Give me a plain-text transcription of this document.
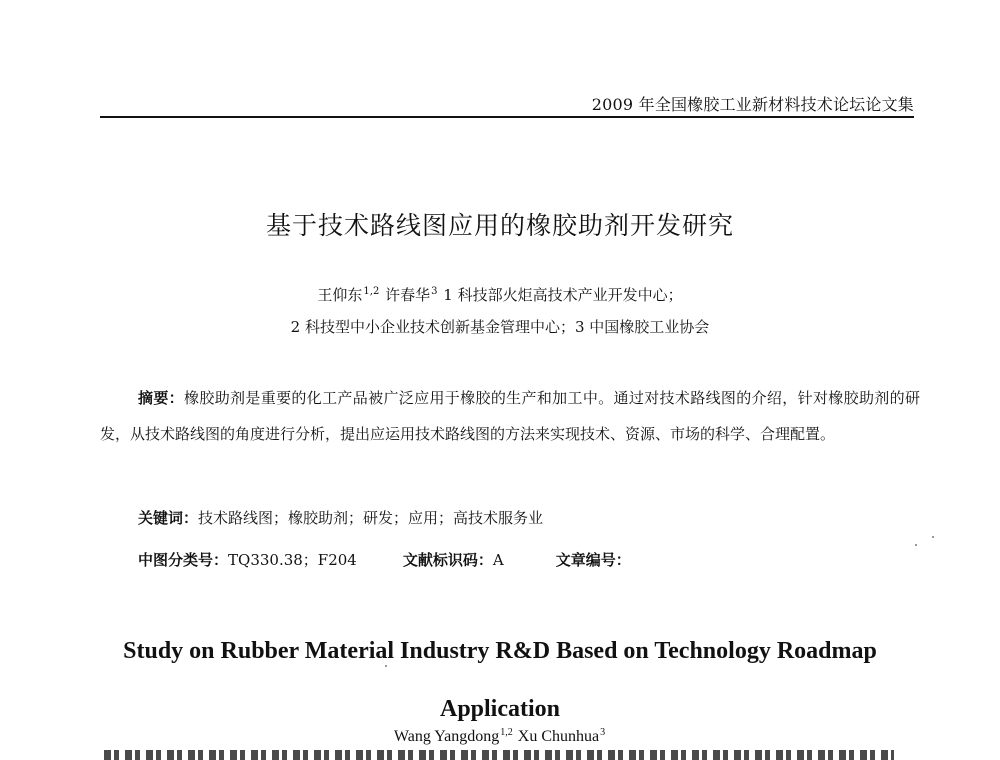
2009 年全国橡胶工业新材料技术论坛论文集
基于技术路线图应用的橡胶助剂开发研究
王仰东$^{1,2}$ 许春华$^3$ 1 科技部火炬高技术产业开发中心；
2 科技型中小企业技术创新基金管理中心；3 中国橡胶工业协会
摘要：橡胶助剂是重要的化工产品被广泛应用于橡胶的生产和加工中。通过对技术路线图的介绍，针对橡胶助剂的研发，从技术路线图的角度进行分析，提出应运用技术路线图的方法来实现技术、资源、市场的科学、合理配置。
关键词：技术路线图；橡胶助剂；研发；应用；高技术服务业
中图分类号：TQ330.38；F204	文献标识码：A	文章编号：
Study on Rubber Material Industry R&D Based on Technology Roadmap
Application
Wang Yangdong$^{1,2}$ Xu Chunhua$^3$
